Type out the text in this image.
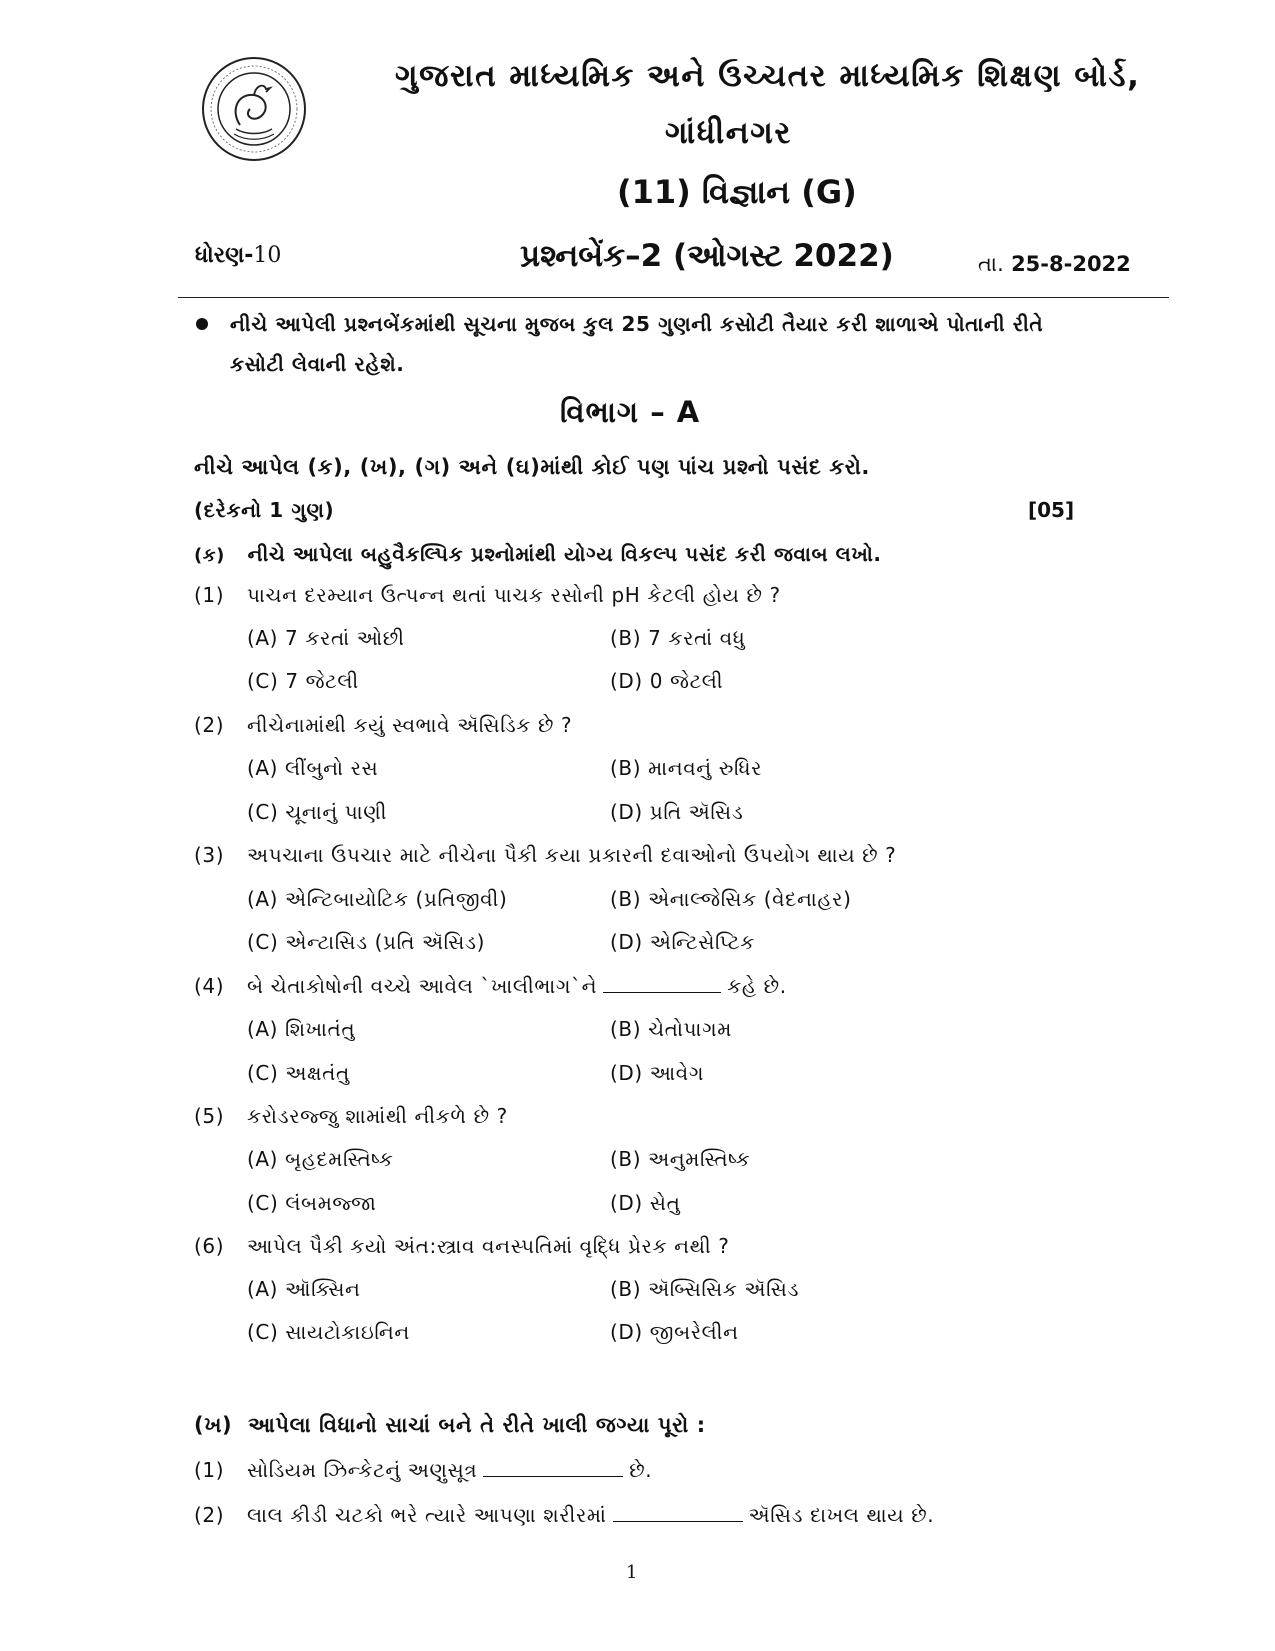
ગુજરાત માધ્યમિક અને ઉચ્ચતર માધ્યમિક શિક્ષણ બોર્ડ,
ગાંધીનગર
(11) વિજ્ઞાન (G)
ધોરણ-10	પ્રશ્નબેંક–2 (ઓગસ્ટ 2022)	તા. 25-8-2022
નીચે આપેલી પ્રશ્નબેંકમાંથી સૂચના મુજબ કુલ 25 ગુણની કસોટી તૈયાર કરી શાળાએ પોતાની રીતે
કસોટી લેવાની રહેશે.
વિભાગ – A
નીચે આપેલ (ક), (ખ), (ગ) અને (ઘ)માંથી કોઈ પણ પાંચ પ્રશ્નો પસંદ કરો.
(દરેકનો 1 ગુણ)	[05]
(ક) નીચે આપેલા બહુવૈકલ્પિક પ્રશ્નોમાંથી યોગ્ય વિકલ્પ પસંદ કરી જવાબ લખો.
(1) પાચન દરમ્યાન ઉત્પન્ન થતાં પાચક રસોની pH કેટલી હોય છે ?
(A) 7 કરતાં ઓછી	(B) 7 કરતાં વધુ
(C) 7 જેટલી	(D) 0 જેટલી
(2) નીચેનામાંથી કયું સ્વભાવે ઍસિડિક છે ?
(A) લીંબુનો રસ	(B) માનવનું રુધિર
(C) ચૂનાનું પાણી	(D) પ્રતિ ઍસિડ
(3) અપચાના ઉપચાર માટે નીચેના પૈકી કયા પ્રકારની દવાઓનો ઉપયોગ થાય છે ?
(A) એન્ટિબાયોટિક (પ્રતિજીવી)	(B) એનાલ્જેસિક (વેદનાહર)
(C) એન્ટાસિડ (પ્રતિ ઍસિડ)	(D) એન્ટિસેપ્ટિક
(4) બે ચેતાકોષોની વચ્ચે આવેલ `ખાલીભાગ`ને	કહે છે.
(A) શિખાતંતુ	(B) ચેતોપાગમ
(C) અક્ષતંતુ	(D) આવેગ
(5) કરોડરજ્જુ શામાંથી નીકળે છે ?
(A) બૃહદમસ્તિષ્ક	(B) અનુમસ્તિષ્ક
(C) લંબમજ્જા	(D) સેતુ
(6) આપેલ પૈકી કયો અંત:સ્ત્રાવ વનસ્પતિમાં વૃદ્ધિ પ્રેરક નથી ?
(A) ઑક્સિન	(B) ઍબ્સિસિક ઍસિડ
(C) સાયટોકાઇનિન	(D) જીબરેલીન
(ખ) આપેલા વિધાનો સાચાં બને તે રીતે ખાલી જગ્યા પૂરો :
(1) સોડિયમ ઝિન્કેટનું અણુસૂત્ર	છે.
(2) લાલ કીડી ચટકો ભરે ત્યારે આપણા શરીરમાં	ઍસિડ દાખલ થાય છે.
1
